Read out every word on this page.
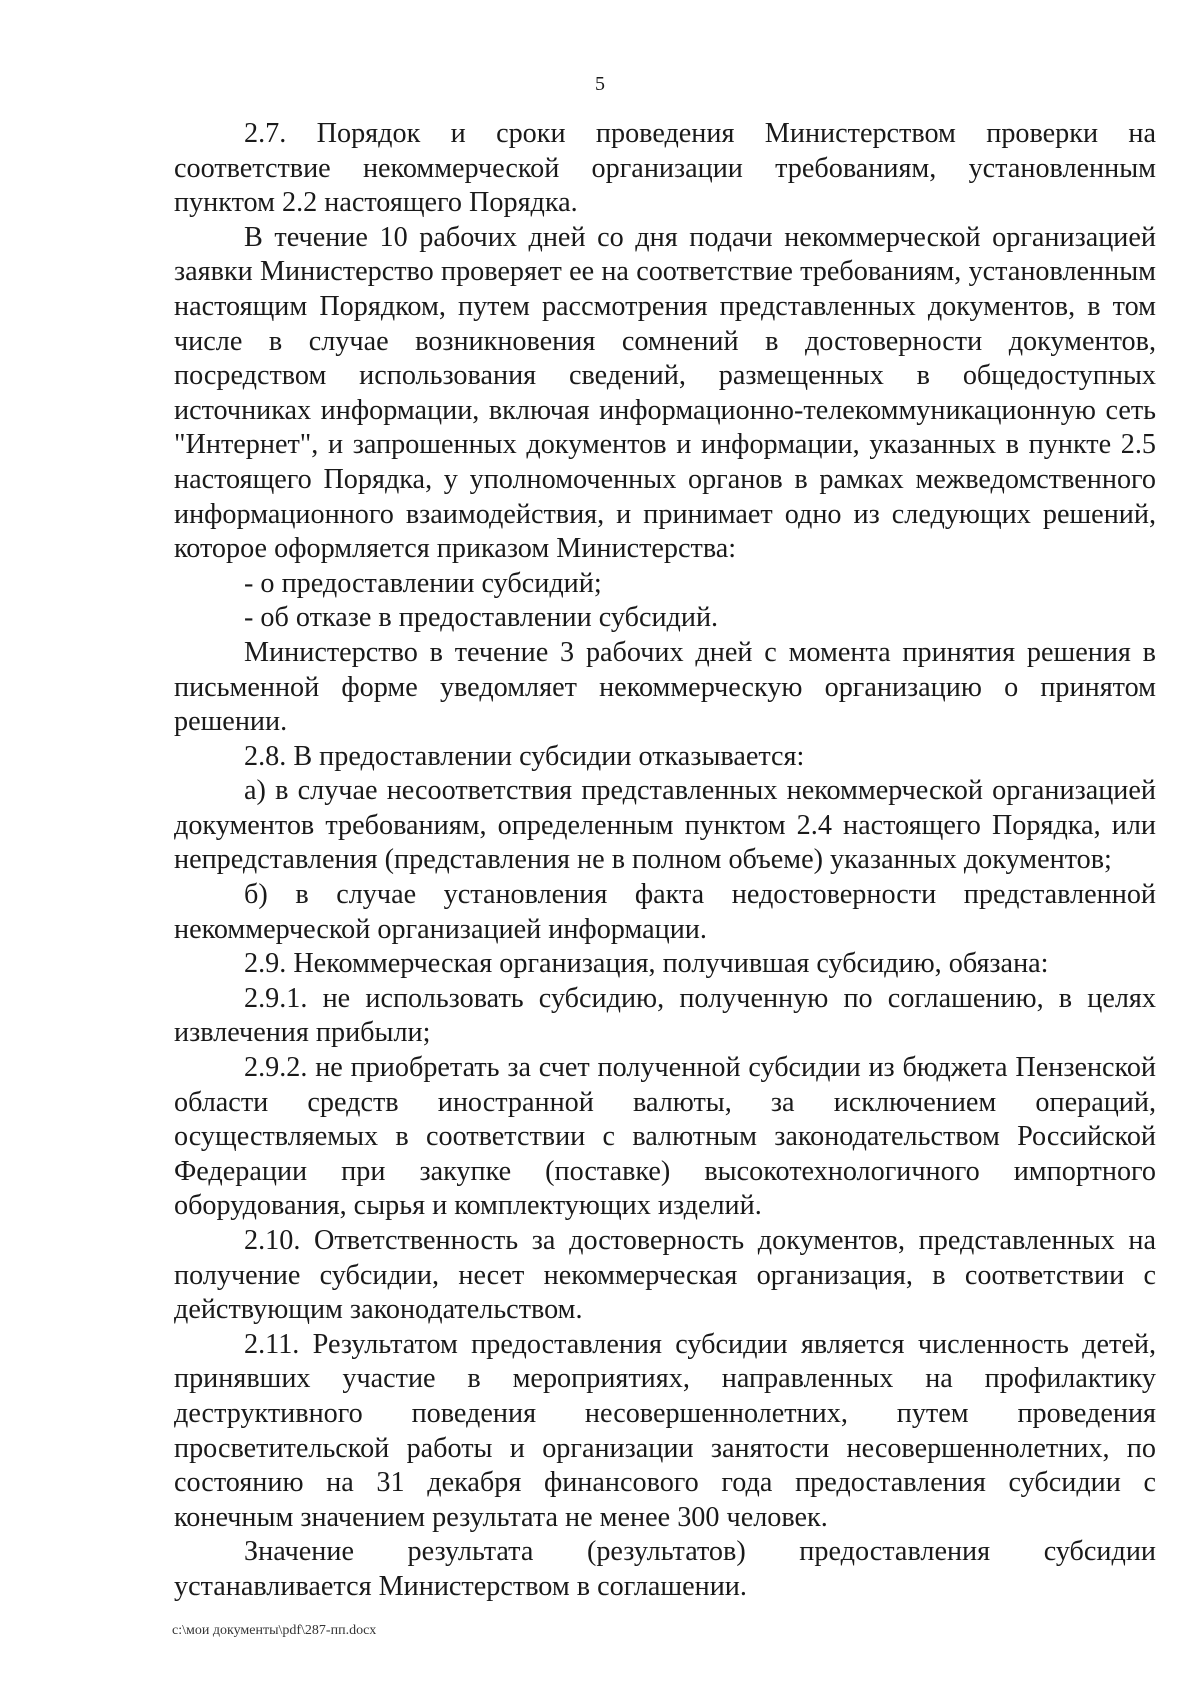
5

2.7. Порядок и сроки проведения Министерством проверки на соответствие некоммерческой организации требованиям, установленным пунктом 2.2 настоящего Порядка.

В течение 10 рабочих дней со дня подачи некоммерческой организацией заявки Министерство проверяет ее на соответствие требованиям, установленным настоящим Порядком, путем рассмотрения представленных документов, в том числе в случае возникновения сомнений в достоверности документов, посредством использования сведений, размещенных в общедоступных источниках информации, включая информационно-телекоммуникационную сеть "Интернет", и запрошенных документов и информации, указанных в пункте 2.5 настоящего Порядка, у уполномоченных органов в рамках межведомственного информационного взаимодействия, и принимает одно из следующих решений, которое оформляется приказом Министерства:

- о предоставлении субсидий;

- об отказе в предоставлении субсидий.

Министерство в течение 3 рабочих дней с момента принятия решения в письменной форме уведомляет некоммерческую организацию о принятом решении.

2.8. В предоставлении субсидии отказывается:

а) в случае несоответствия представленных некоммерческой организацией документов требованиям, определенным пунктом 2.4 настоящего Порядка, или непредставления (представления не в полном объеме) указанных документов;

б) в случае установления факта недостоверности представленной некоммерческой организацией информации.

2.9. Некоммерческая организация, получившая субсидию, обязана:

2.9.1. не использовать субсидию, полученную по соглашению, в целях извлечения прибыли;

2.9.2. не приобретать за счет полученной субсидии из бюджета Пензенской области средств иностранной валюты, за исключением операций, осуществляемых в соответствии с валютным законодательством Российской Федерации при закупке (поставке) высокотехнологичного импортного оборудования, сырья и комплектующих изделий.

2.10. Ответственность за достоверность документов, представленных на получение субсидии, несет некоммерческая организация, в соответствии с действующим законодательством.

2.11. Результатом предоставления субсидии является численность детей, принявших участие в мероприятиях, направленных на профилактику деструктивного поведения несовершеннолетних, путем проведения просветительской работы и организации занятости несовершеннолетних, по состоянию на 31 декабря финансового года предоставления субсидии с конечным значением результата не менее 300 человек.

Значение результата (результатов) предоставления субсидии устанавливается Министерством в соглашении.

c:\мои документы\pdf\287-пп.docx
